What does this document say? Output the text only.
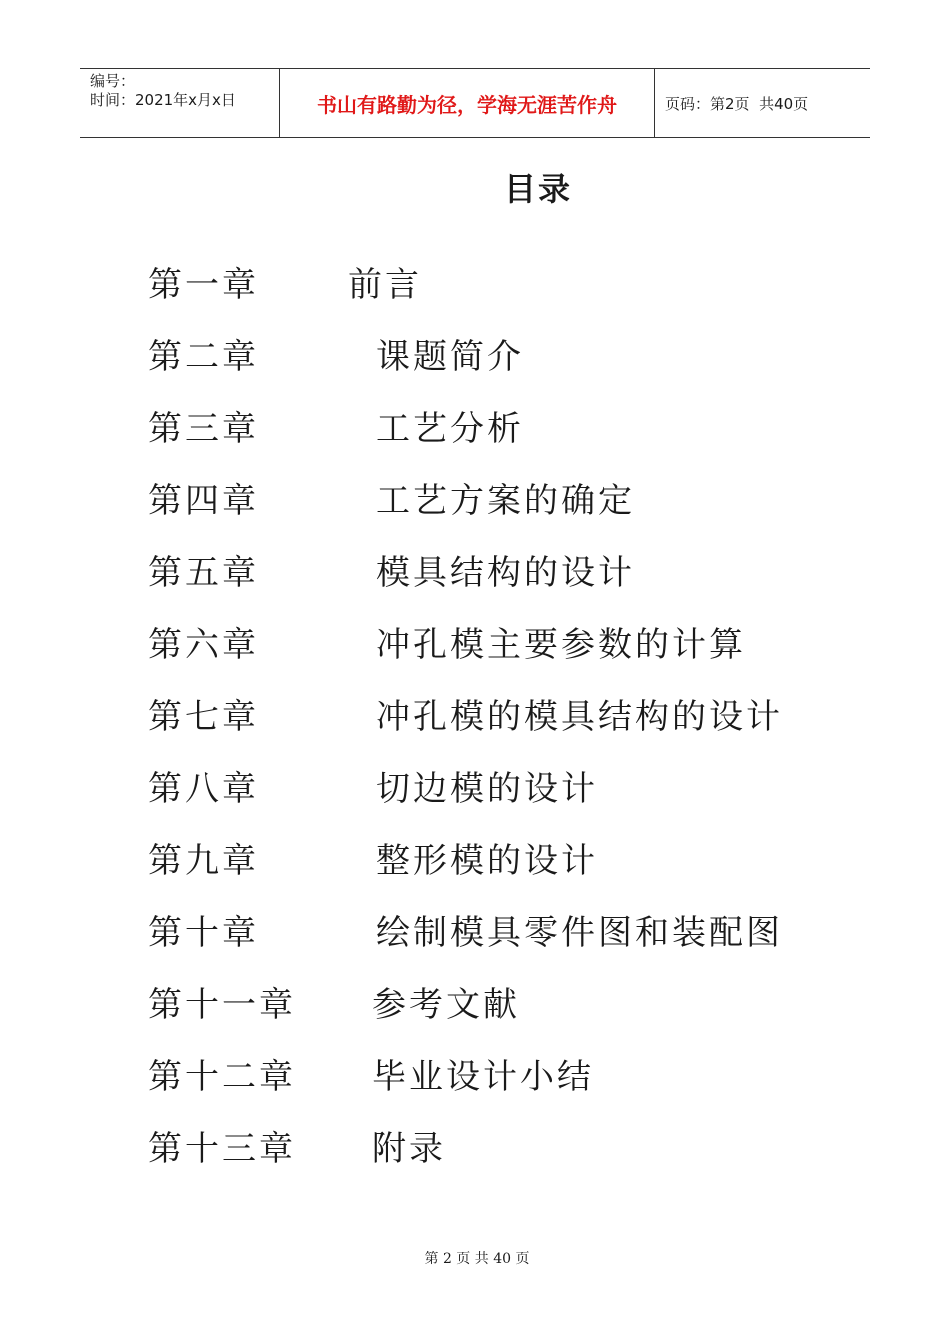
编号：
时间：2021年x月x日	书山有路勤为径，学海无涯苦作舟	页码：第2页  共40页
目录
第一章	前言
第二章	课题简介
第三章	工艺分析
第四章	工艺方案的确定
第五章	模具结构的设计
第六章	冲孔模主要参数的计算
第七章	冲孔模的模具结构的设计
第八章	切边模的设计
第九章	整形模的设计
第十章	绘制模具零件图和装配图
第十一章 参考文献
第十二章 毕业设计小结
第十三章 附录
第 2 页 共 40 页
